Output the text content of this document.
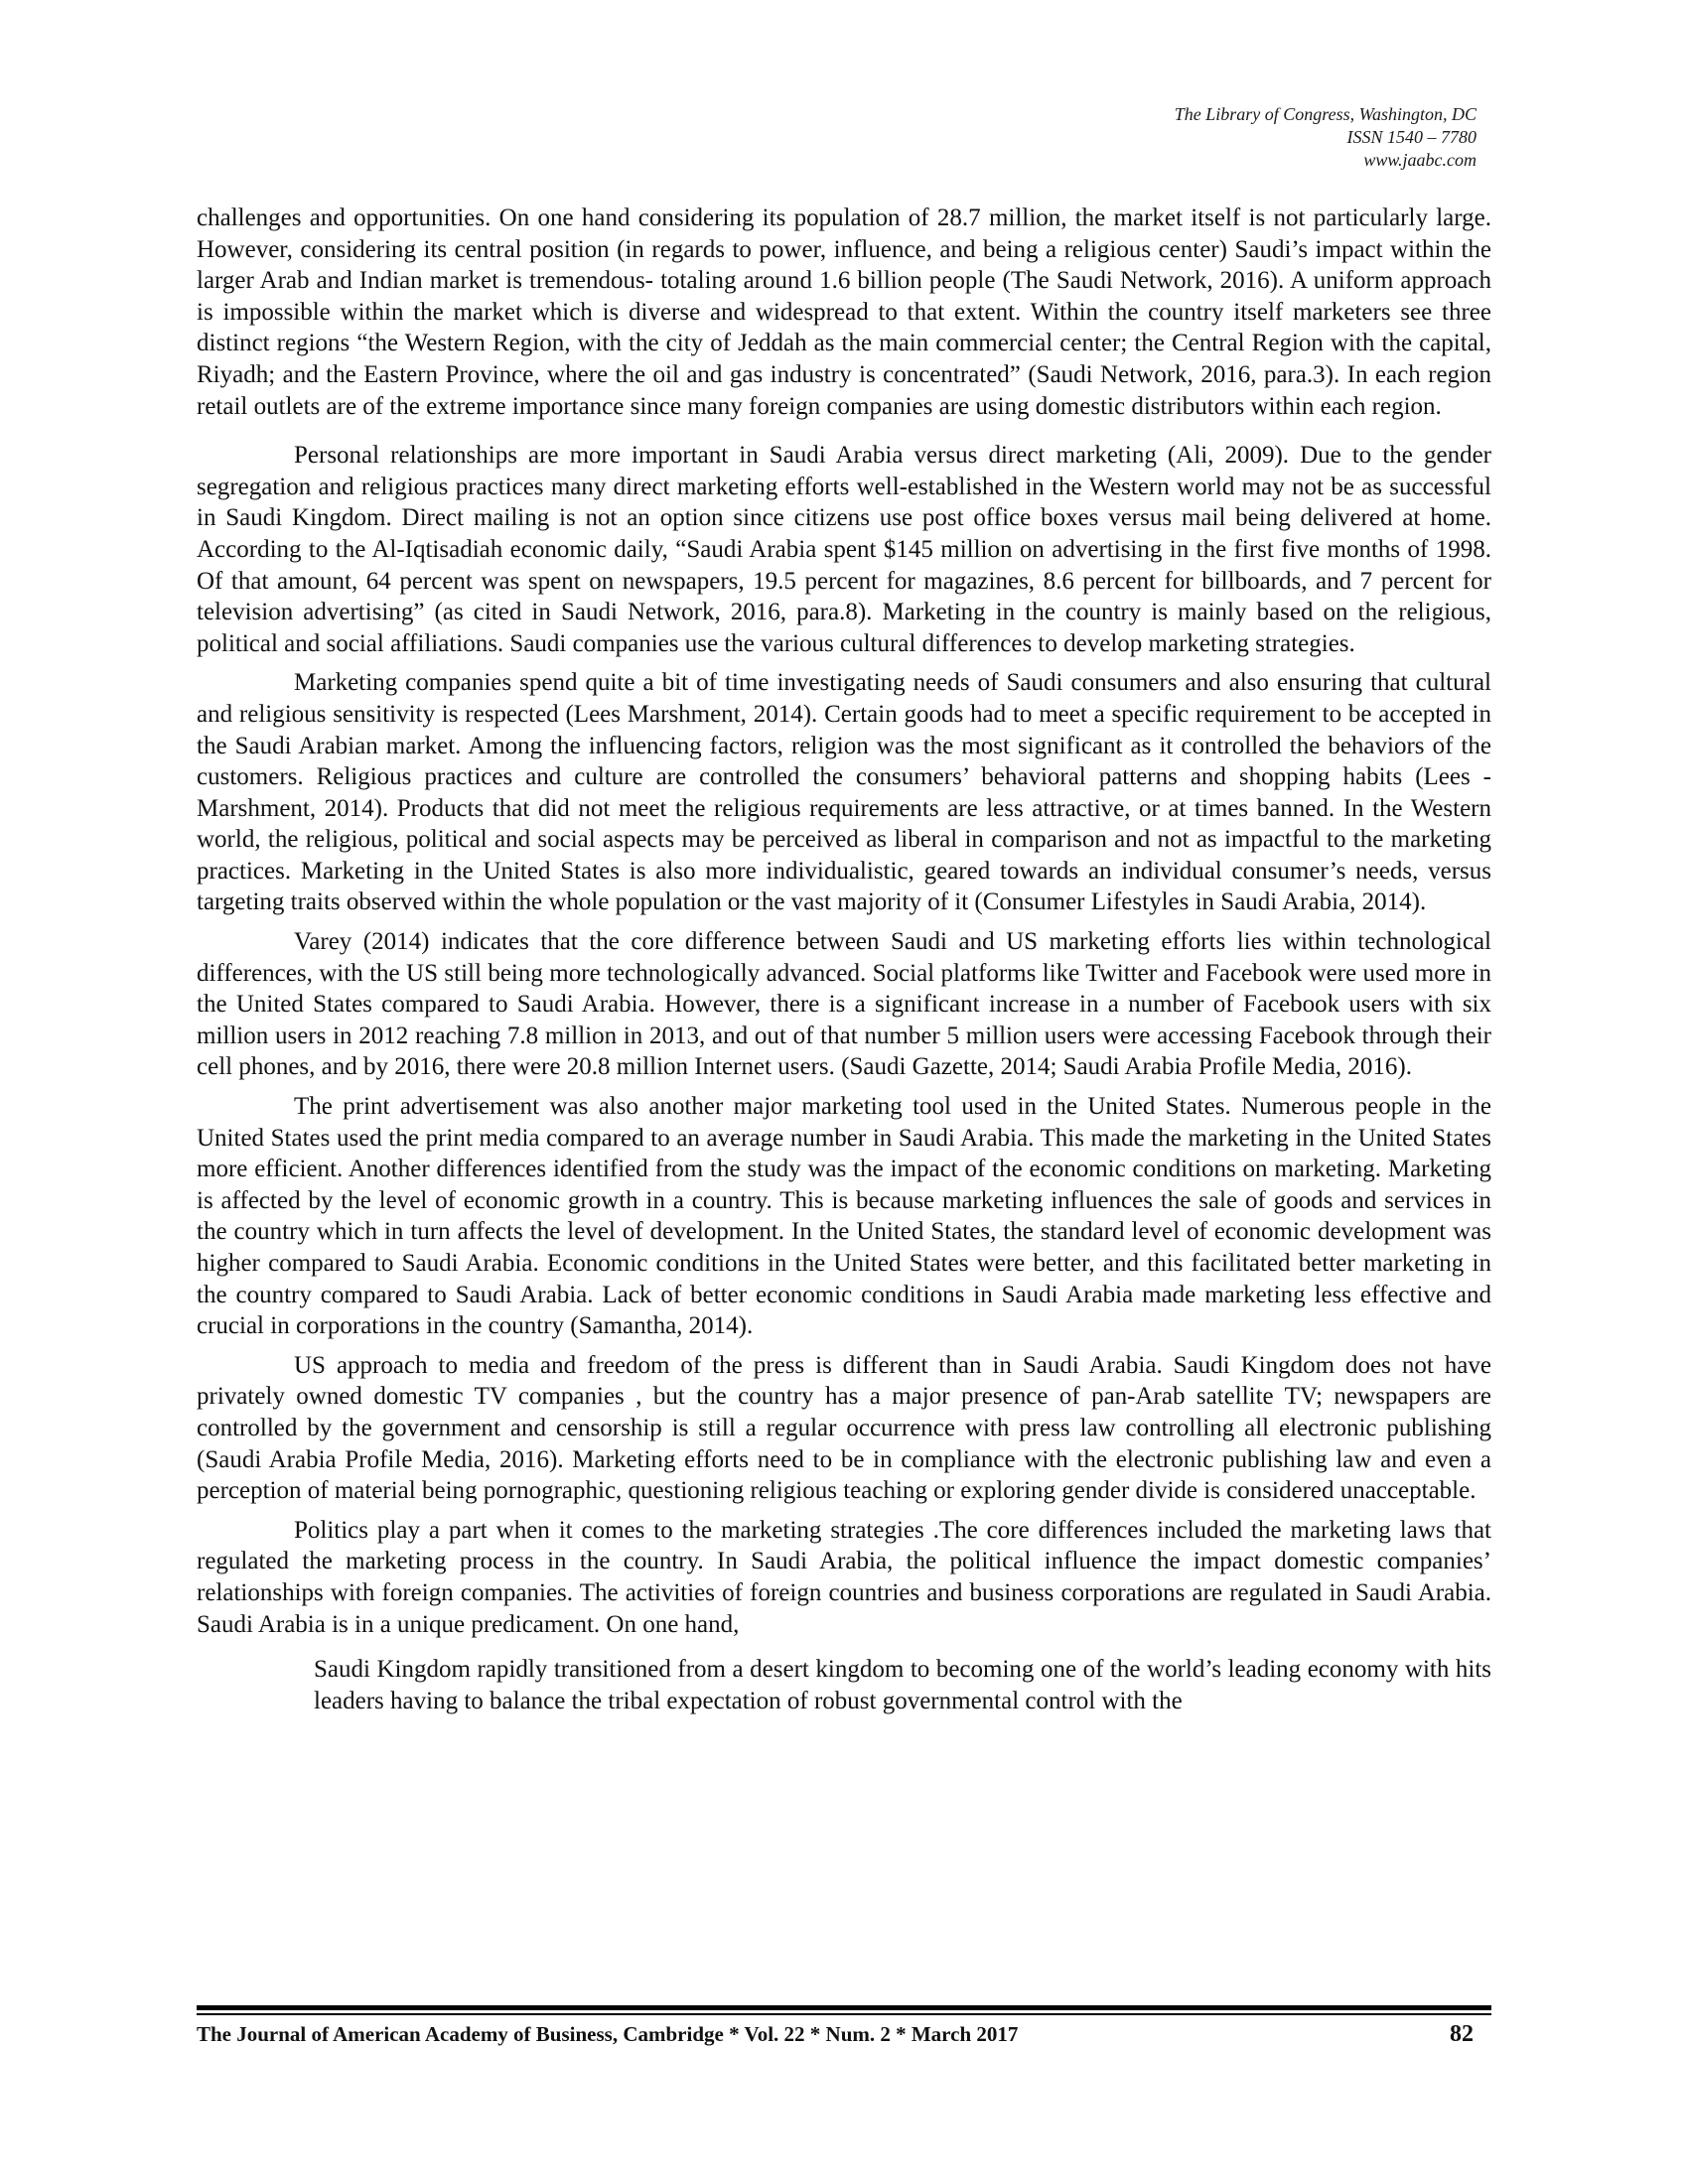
The Library of Congress, Washington, DC
ISSN 1540 – 7780
www.jaabc.com

challenges and opportunities. On one hand considering its population of 28.7 million, the market itself is not particularly large. However, considering its central position (in regards to power, influence, and being a religious center) Saudi’s impact within the larger Arab and Indian market is tremendous- totaling around 1.6 billion people (The Saudi Network, 2016). A uniform approach is impossible within the market which is diverse and widespread to that extent. Within the country itself marketers see three distinct regions “the Western Region, with the city of Jeddah as the main commercial center; the Central Region with the capital, Riyadh; and the Eastern Province, where the oil and gas industry is concentrated” (Saudi Network, 2016, para.3). In each region retail outlets are of the extreme importance since many foreign companies are using domestic distributors within each region.

Personal relationships are more important in Saudi Arabia versus direct marketing (Ali, 2009). Due to the gender segregation and religious practices many direct marketing efforts well-established in the Western world may not be as successful in Saudi Kingdom. Direct mailing is not an option since citizens use post office boxes versus mail being delivered at home. According to the Al-Iqtisadiah economic daily, “Saudi Arabia spent $145 million on advertising in the first five months of 1998. Of that amount, 64 percent was spent on newspapers, 19.5 percent for magazines, 8.6 percent for billboards, and 7 percent for television advertising” (as cited in Saudi Network, 2016, para.8). Marketing in the country is mainly based on the religious, political and social affiliations. Saudi companies use the various cultural differences to develop marketing strategies.

Marketing companies spend quite a bit of time investigating needs of Saudi consumers and also ensuring that cultural and religious sensitivity is respected (Lees Marshment, 2014). Certain goods had to meet a specific requirement to be accepted in the Saudi Arabian market. Among the influencing factors, religion was the most significant as it controlled the behaviors of the customers. Religious practices and culture are controlled the consumers’ behavioral patterns and shopping habits (Lees -Marshment, 2014). Products that did not meet the religious requirements are less attractive, or at times banned. In the Western world, the religious, political and social aspects may be perceived as liberal in comparison and not as impactful to the marketing practices. Marketing in the United States is also more individualistic, geared towards an individual consumer’s needs, versus targeting traits observed within the whole population or the vast majority of it (Consumer Lifestyles in Saudi Arabia, 2014).

Varey (2014) indicates that the core difference between Saudi and US marketing efforts lies within technological differences, with the US still being more technologically advanced. Social platforms like Twitter and Facebook were used more in the United States compared to Saudi Arabia. However, there is a significant increase in a number of Facebook users with six million users in 2012 reaching 7.8 million in 2013, and out of that number 5 million users were accessing Facebook through their cell phones, and by 2016, there were 20.8 million Internet users. (Saudi Gazette, 2014; Saudi Arabia Profile Media, 2016).

The print advertisement was also another major marketing tool used in the United States. Numerous people in the United States used the print media compared to an average number in Saudi Arabia. This made the marketing in the United States more efficient. Another differences identified from the study was the impact of the economic conditions on marketing. Marketing is affected by the level of economic growth in a country. This is because marketing influences the sale of goods and services in the country which in turn affects the level of development. In the United States, the standard level of economic development was higher compared to Saudi Arabia. Economic conditions in the United States were better, and this facilitated better marketing in the country compared to Saudi Arabia. Lack of better economic conditions in Saudi Arabia made marketing less effective and crucial in corporations in the country (Samantha, 2014).

US approach to media and freedom of the press is different than in Saudi Arabia. Saudi Kingdom does not have privately owned domestic TV companies , but the country has a major presence of pan-Arab satellite TV; newspapers are controlled by the government and censorship is still a regular occurrence with press law controlling all electronic publishing (Saudi Arabia Profile Media, 2016). Marketing efforts need to be in compliance with the electronic publishing law and even a perception of material being pornographic, questioning religious teaching or exploring gender divide is considered unacceptable.

Politics play a part when it comes to the marketing strategies .The core differences included the marketing laws that regulated the marketing process in the country. In Saudi Arabia, the political influence the impact domestic companies’ relationships with foreign companies. The activities of foreign countries and business corporations are regulated in Saudi Arabia. Saudi Arabia is in a unique predicament. On one hand,

Saudi Kingdom rapidly transitioned from a desert kingdom to becoming one of the world’s leading economy with hits leaders having to balance the tribal expectation of robust governmental control with the
The Journal of American Academy of Business, Cambridge * Vol. 22 * Num. 2 * March 2017	82
